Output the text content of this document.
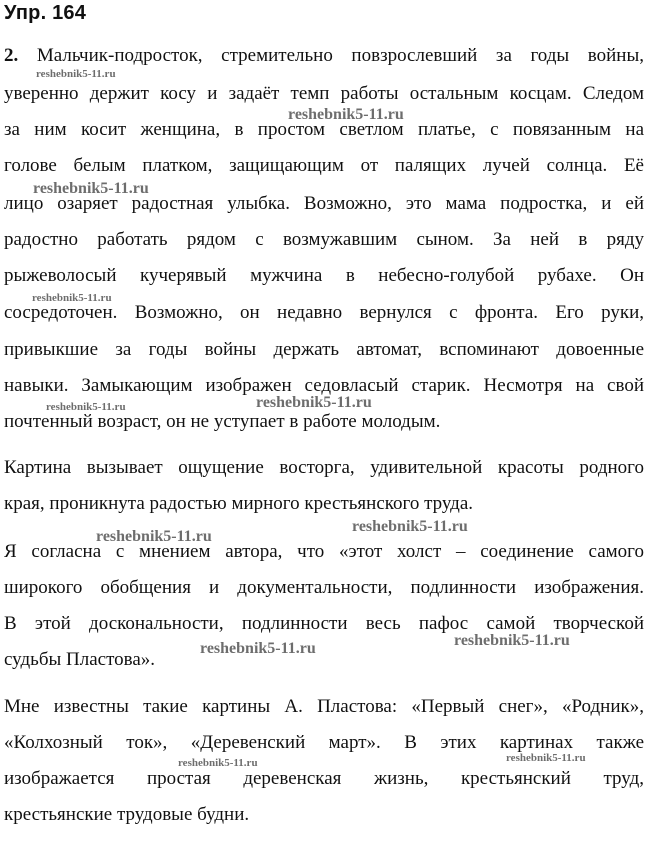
Упр. 164
2. Мальчик-подросток, стремительно повзрослевший за годы войны,
уверенно держит косу и задаёт темп работы остальным косцам. Следом
за ним косит женщина, в простом светлом платье, с повязанным на
голове белым платком, защищающим от палящих лучей солнца. Её
лицо озаряет радостная улыбка. Возможно, это мама подростка, и ей
радостно работать рядом с возмужавшим сыном. За ней в ряду
рыжеволосый кучерявый мужчина в небесно-голубой рубахе. Он
сосредоточен. Возможно, он недавно вернулся с фронта. Его руки,
привыкшие за годы войны держать автомат, вспоминают довоенные
навыки. Замыкающим изображен седовласый старик. Несмотря на свой
почтенный возраст, он не уступает в работе молодым.
Картина вызывает ощущение восторга, удивительной красоты родного
края, проникнута радостью мирного крестьянского труда.
Я согласна с мнением автора, что «этот холст – соединение самого
широкого обобщения и документальности, подлинности изображения.
В этой доскональности, подлинности весь пафос самой творческой
судьбы Пластова».
Мне известны такие картины А. Пластова: «Первый снег», «Родник»,
«Колхозный ток», «Деревенский март». В этих картинах также
изображается простая деревенская жизнь, крестьянский труд,
крестьянские трудовые будни.
reshebnik5-11.ru
reshebnik5-11.ru
reshebnik5-11.ru
reshebnik5-11.ru
reshebnik5-11.ru	reshebnik5-11.ru
reshebnik5-11.ru
reshebnik5-11.ru
reshebnik5-11.ru
reshebnik5-11.ru
reshebnik5-11.ru	reshebnik5-11.ru
